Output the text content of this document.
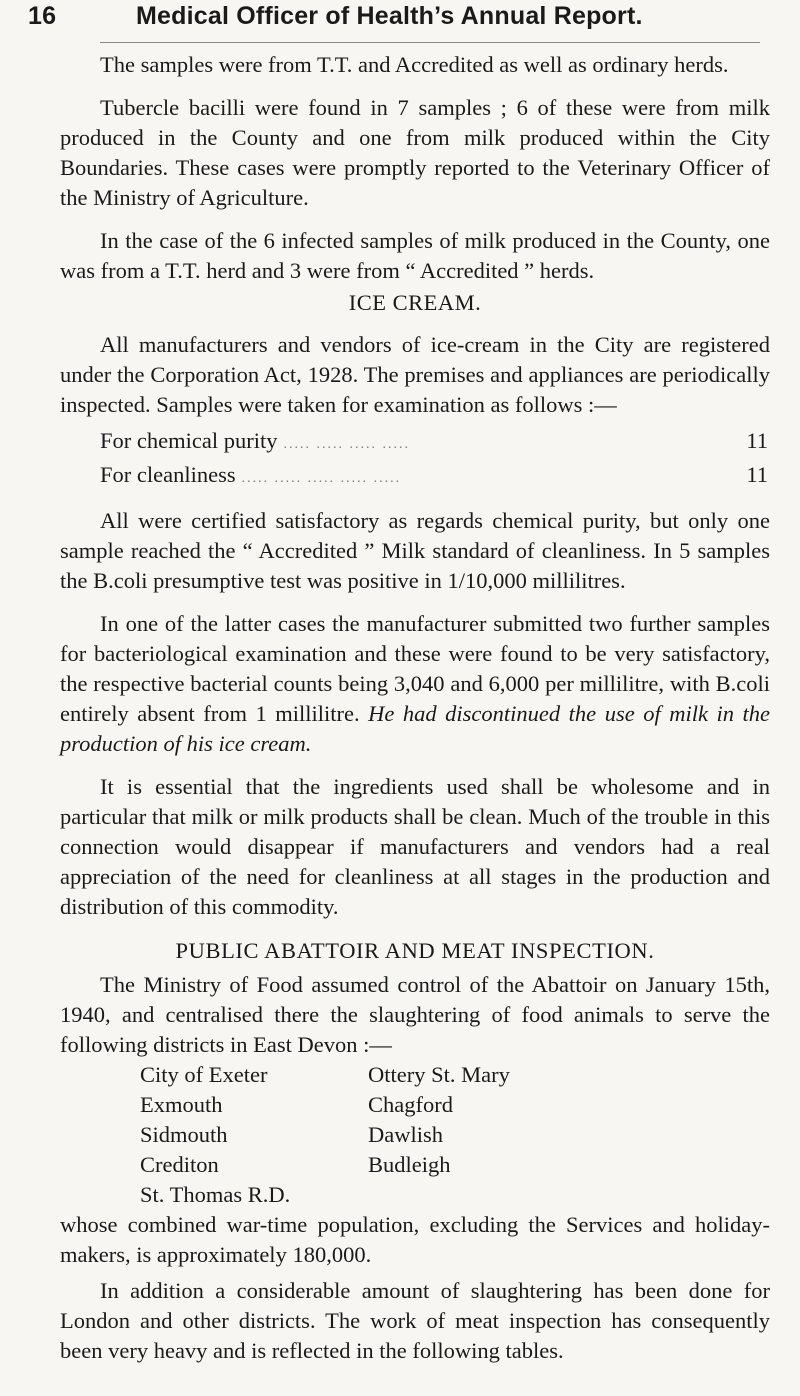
16	Medical Officer of Health’s Annual Report.

The samples were from T.T. and Accredited as well as ordinary herds.

Tubercle bacilli were found in 7 samples ; 6 of these were from milk produced in the County and one from milk produced within the City Boundaries. These cases were promptly reported to the Veterinary Officer of the Ministry of Agriculture.

In the case of the 6 infected samples of milk produced in the County, one was from a T.T. herd and 3 were from “ Accredited ” herds.

ICE CREAM.

All manufacturers and vendors of ice-cream in the City are registered under the Corporation Act, 1928. The premises and appliances are periodically inspected. Samples were taken for examination as follows :—

For chemical purity ..... ..... ..... .....	11
For cleanliness ..... ..... ..... ..... .....	11

All were certified satisfactory as regards chemical purity, but only one sample reached the “ Accredited ” Milk standard of cleanliness. In 5 samples the B.coli presumptive test was positive in 1/10,000 millilitres.

In one of the latter cases the manufacturer submitted two further samples for bacteriological examination and these were found to be very satisfactory, the respective bacterial counts being 3,040 and 6,000 per millilitre, with B.coli entirely absent from 1 millilitre. He had discontinued the use of milk in the production of his ice cream.

It is essential that the ingredients used shall be wholesome and in particular that milk or milk products shall be clean. Much of the trouble in this connection would disappear if manufacturers and vendors had a real appreciation of the need for cleanliness at all stages in the production and distribution of this commodity.

PUBLIC ABATTOIR AND MEAT INSPECTION.

The Ministry of Food assumed control of the Abattoir on January 15th, 1940, and centralised there the slaughtering of food animals to serve the following districts in East Devon :—

City of Exeter	Ottery St. Mary
Exmouth	Chagford
Sidmouth	Dawlish
Crediton	Budleigh
St. Thomas R.D.

whose combined war-time population, excluding the Services and holiday-makers, is approximately 180,000.

In addition a considerable amount of slaughtering has been done for London and other districts. The work of meat inspection has consequently been very heavy and is reflected in the following tables.
